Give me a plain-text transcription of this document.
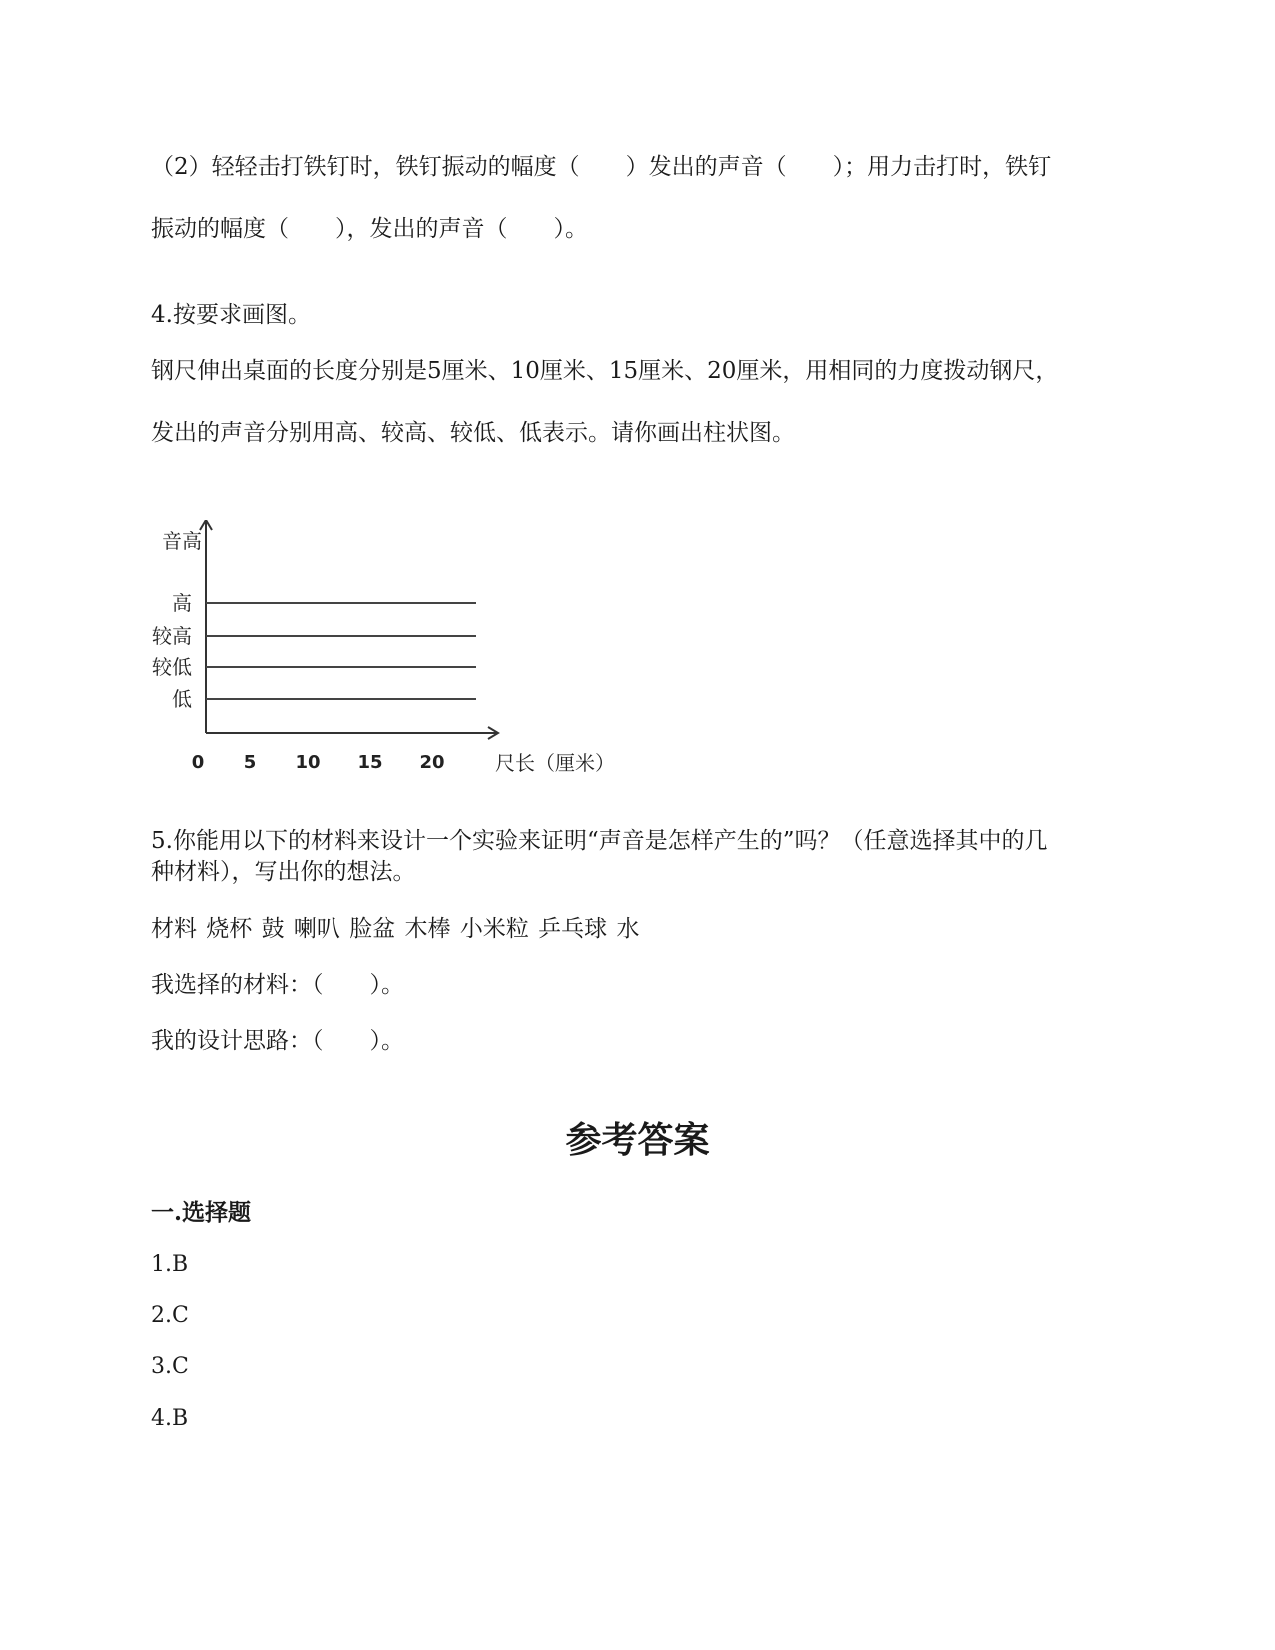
（2）轻轻击打铁钉时，铁钉振动的幅度（　　）发出的声音（　　）；用力击打时，铁钉
振动的幅度（　　），发出的声音（　　）。
4.按要求画图。
钢尺伸出桌面的长度分别是5厘米、10厘米、15厘米、20厘米，用相同的力度拨动钢尺，
发出的声音分别用高、较高、较低、低表示。请你画出柱状图。
音高
尺长（厘米）
高
较高
较低
低
0 5 10 15 20
5.你能用以下的材料来设计一个实验来证明“声音是怎样产生的”吗？（任意选择其中的几
种材料），写出你的想法。
材料 烧杯 鼓 喇叭 脸盆 木棒 小米粒 乒乓球 水
我选择的材料：（　　）。
我的设计思路：（　　）。
参考答案
一.选择题
1.B
2.C
3.C
4.B
